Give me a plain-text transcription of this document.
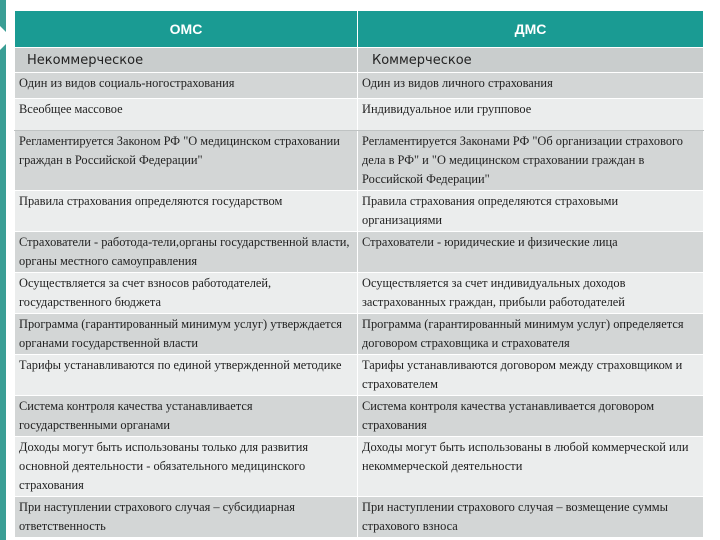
ОМС	ДМС
Некоммерческое	Коммерческое
Один из видов социаль-ногострахования	Один из видов личного страхования
Всеобщее массовое	Индивидуальное или групповое
Регламентируется Законом РФ "О медицинском страховании граждан в Российской Федерации"	Регламентируется Законами РФ "Об организации страхового дела в РФ" и "О медицинском страховании граждан в Российской Федерации"
Правила страхования определяются государством	Правила страхования определяются страховыми организациями
Страхователи - работода-тели,органы государственной власти, органы местного самоуправления	Страхователи - юридические и физические лица
Осуществляется за счет взносов работодателей, государственного бюджета	Осуществляется за счет индивидуальных доходов застрахованных граждан, прибыли работодателей
Программа (гарантированный минимум услуг) утверждается органами государственной власти	Программа (гарантированный минимум услуг) определяется договором страховщика и страхователя
Тарифы устанавливаются по единой утвержденной методике	Тарифы устанавливаются договором между страховщиком и страхователем
Система контроля качества устанавливается государственными органами	Система контроля качества устанавливается договором страхования
Доходы могут быть использованы только для развития основной деятельности - обязательного медицинского страхования	Доходы могут быть использованы в любой коммерческой или некоммерческой деятельности
При наступлении страхового случая – субсидиарная ответственность	При наступлении страхового случая – возмещение суммы страхового взноса
